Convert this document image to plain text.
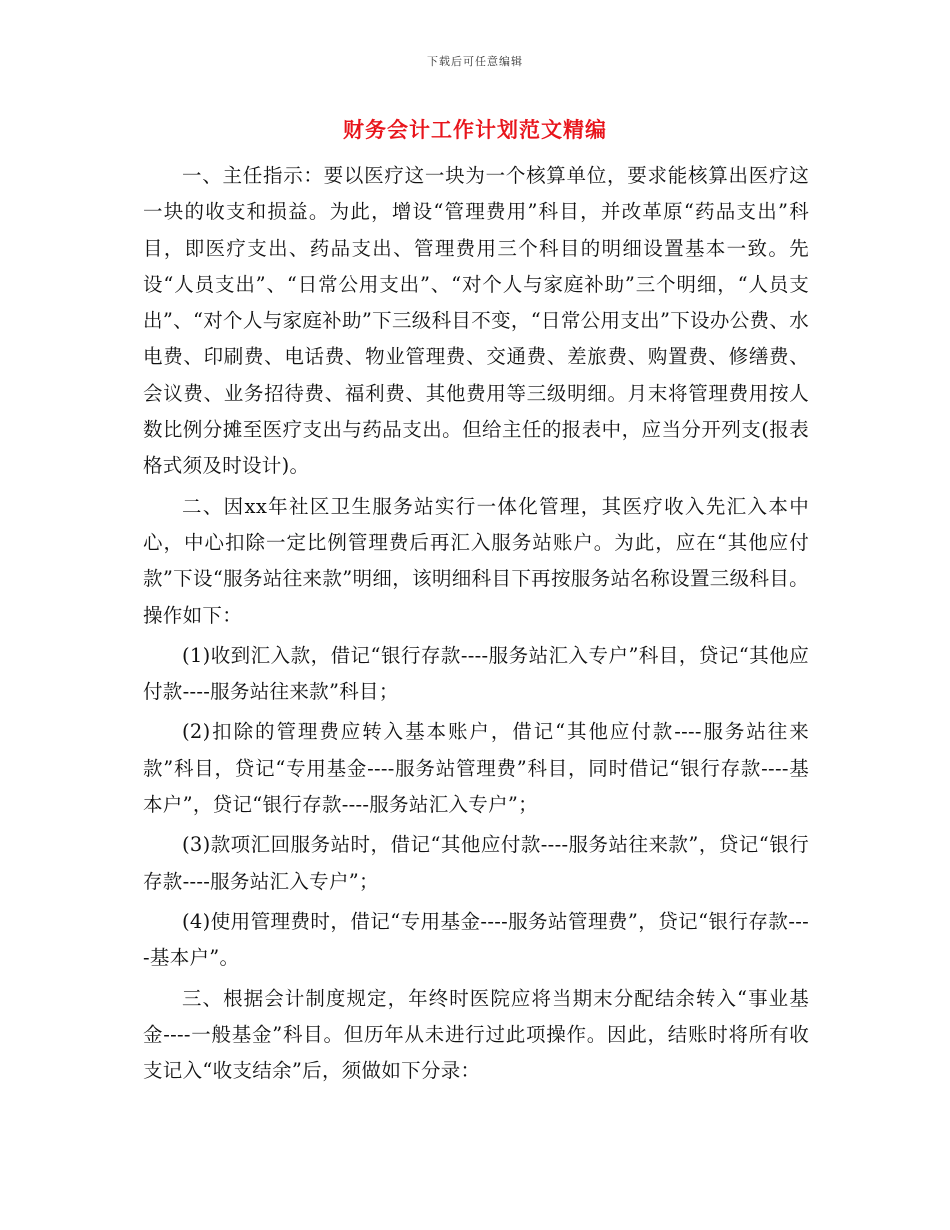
下载后可任意编辑
财务会计工作计划范文精编

一、主任指示：要以医疗这一块为一个核算单位，要求能核算出医疗这一块的收支和损益。为此，增设“管理费用”科目，并改革原“药品支出”科目，即医疗支出、药品支出、管理费用三个科目的明细设置基本一致。先设“人员支出”、“日常公用支出”、“对个人与家庭补助”三个明细，“人员支出”、“对个人与家庭补助”下三级科目不变，“日常公用支出”下设办公费、水电费、印刷费、电话费、物业管理费、交通费、差旅费、购置费、修缮费、会议费、业务招待费、福利费、其他费用等三级明细。月末将管理费用按人数比例分摊至医疗支出与药品支出。但给主任的报表中，应当分开列支(报表格式须及时设计)。

二、因xx年社区卫生服务站实行一体化管理，其医疗收入先汇入本中心，中心扣除一定比例管理费后再汇入服务站账户。为此，应在“其他应付款”下设“服务站往来款”明细，该明细科目下再按服务站名称设置三级科目。操作如下：

(1)收到汇入款，借记“银行存款----服务站汇入专户”科目，贷记“其他应付款----服务站往来款”科目；

(2)扣除的管理费应转入基本账户，借记“其他应付款----服务站往来款”科目，贷记“专用基金----服务站管理费”科目，同时借记“银行存款----基本户”，贷记“银行存款----服务站汇入专户”；

(3)款项汇回服务站时，借记“其他应付款----服务站往来款”，贷记“银行存款----服务站汇入专户”；

(4)使用管理费时，借记“专用基金----服务站管理费”，贷记“银行存款----基本户”。

三、根据会计制度规定，年终时医院应将当期末分配结余转入“事业基金----一般基金”科目。但历年从未进行过此项操作。因此，结账时将所有收支记入“收支结余”后，须做如下分录：
